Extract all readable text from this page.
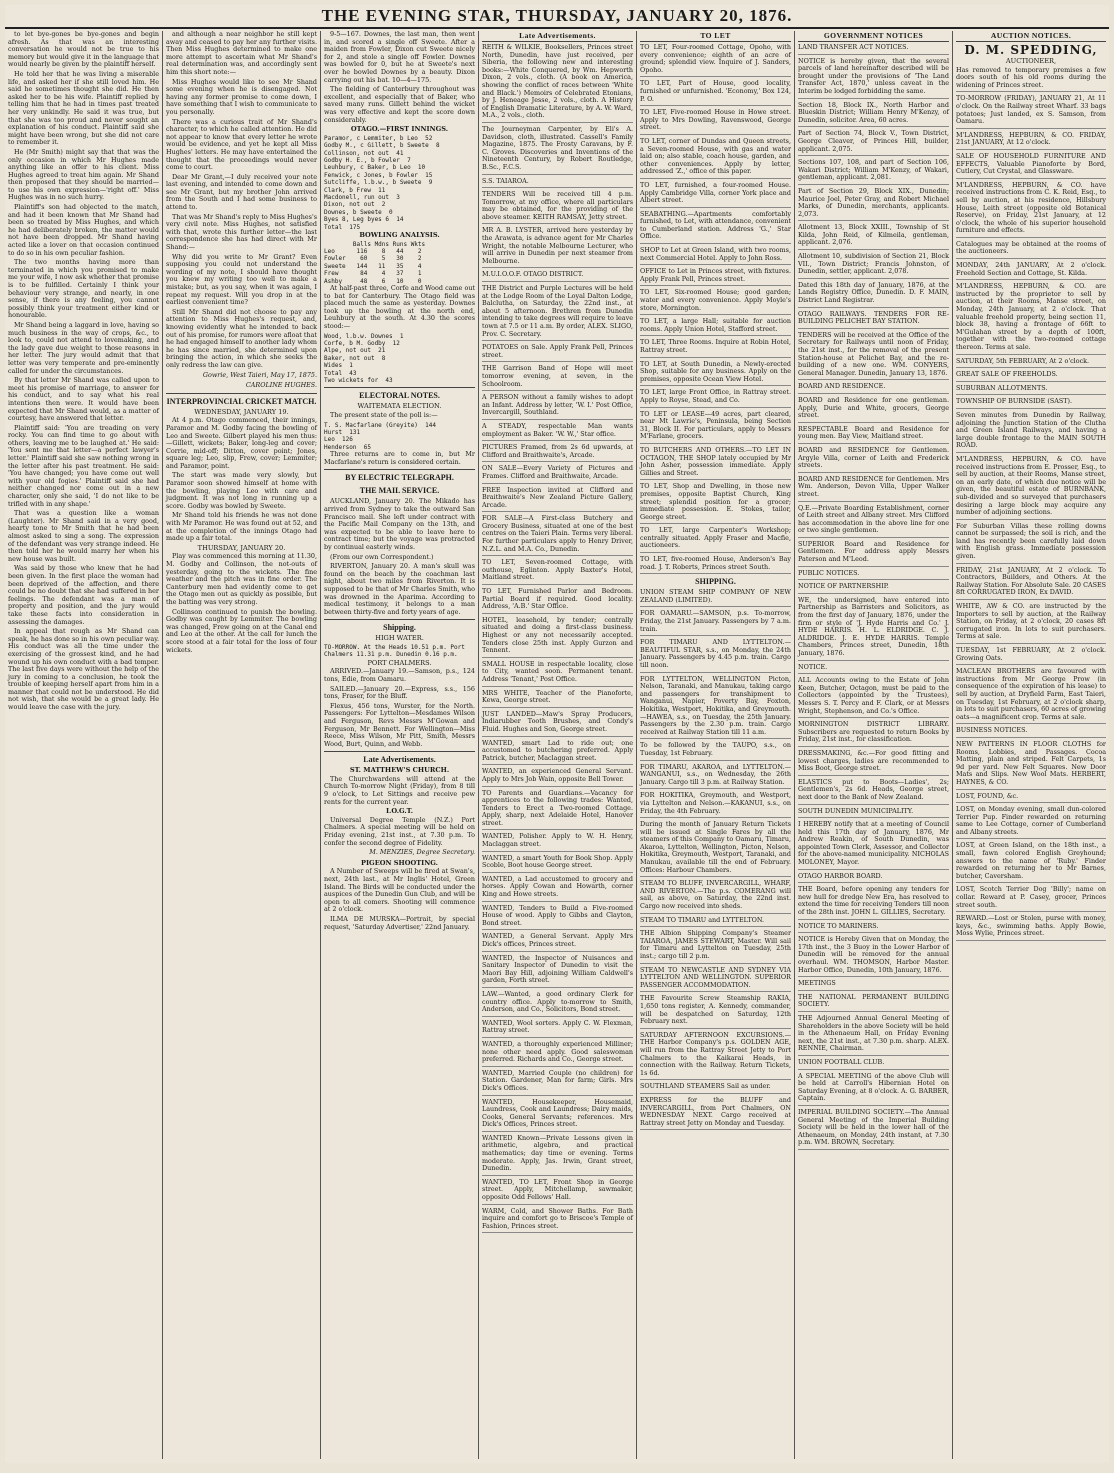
THE EVENING STAR, THURSDAY, JANUARY 20, 1876.
to let bye-gones be bye-gones and begin afresh. As that was an interesting conversation he would not be true to his memory but would give it in the language that would nearly be given by the plaintiff herself.
He told her that he was living a miserable life, and asked her if she still loved him. He said he sometimes thought she did. He then asked her to be his wife. Plaintiff replied by telling him that he had in times past treated her very unkindly. He said it was true, but that she was too proud and never sought an explanation of his conduct. Plaintiff said she might have been wrong, but she did not care to remember it.
He (Mr Smith) might say that that was the only occasion in which Mr Hughes made anything like an offer to his client. Miss Hughes agreed to treat him again. Mr Shand then proposed that they should be married—to use his own expression—'right off.' Miss Hughes was in no such hurry.
Plaintiff's son had objected to the match, and had it been known that Mr Shand had been so treated by Miss Hughes, and which he had deliberately broken, the matter would not have been dropped. Mr Shand having acted like a lover on that occasion continued to do so in his own peculiar fashion.
The two months having more than terminated in which you promised to make me your wife, I now ask whether that promise is to be fulfilled. Certainly I think your behaviour very strange, and nearly, in one sense, if there is any feeling, you cannot possibly think your treatment either kind or honourable.
Mr Shand being a laggard in love, having so much business in the way of crops, &c., to look to, could not attend to lovemaking, and the lady gave due weight to those reasons in her letter. The jury would admit that that letter was very temperate and pre-eminently called for under the circumstances.
By that letter Mr Shand was called upon to meet his promise of marriage, to answer for his conduct, and to say what his real intentions then were. It would have been expected that Mr Shand would, as a matter of courtesy, have answered that letter.
Plaintiff said: 'You are treading on very rocky. You can find time to go about with others, leaving me to be laughed at.' He said: 'You sent me that letter—a perfect lawyer's letter.' Plaintiff said she saw nothing wrong in the letter after his past treatment. He said: 'You have changed; you have come out well with your old fogies.' Plaintiff said she had neither changed nor come out in a new character, only she said, 'I do not like to be trifled with in any shape.'
That was a question like a woman (Laughter). Mr Shand said in a very good, hearty tone to Mr Smith that he had been almost asked to sing a song. The expression of the defendant was very strange indeed. He then told her he would marry her when his new house was built.
Was said by those who knew that he had been given. In the first place the woman had been deprived of the affection, and there could be no doubt that she had suffered in her feelings. The defendant was a man of property and position, and the jury would take these facts into consideration in assessing the damages.
In appeal that rough as Mr Shand can speak, he has done so in his own peculiar way. His conduct was all the time under the exercising of the grossest kind, and he had wound up his own conduct with a bad temper. The last five days were without the help of the jury in coming to a conclusion, he took the trouble of keeping herself apart from him in a manner that could not be understood. He did not wish, that she would be a great lady. He would leave the case with the jury.
and although a near neighbor he still kept away and ceased to pay her any further visits. Then Miss Hughes determined to make one more attempt to ascertain what Mr Shand's real determination was, and accordingly sent him this short note:—
Miss Hughes would like to see Mr Shand some evening when he is disengaged. Not having any former promise to come down, I have something that I wish to communicate to you personally.
There was a curious trait of Mr Shand's character, to which he called attention. He did not appear to know that every letter he wrote would be evidence, and yet he kept all Miss Hughes' letters. He may have entertained the thought that the proceedings would never come to court.
Dear Mr Grant,—I duly received your note last evening, and intended to come down and see Mr Grant, but my brother John arrived from the South and I had some business to attend to.
That was Mr Shand's reply to Miss Hughes's very civil note. Miss Hughes, not satisfied with that, wrote this further letter—the last correspondence she has had direct with Mr Shand:—
Why did you write to Mr Grant? Even supposing you could not understand the wording of my note, I should have thought you knew my writing too well to make a mistake; but, as you say, when it was again, I repeat my request. Will you drop in at the earliest convenient time?
Still Mr Shand did not choose to pay any attention to Miss Hughes's request, and, knowing evidently what he intended to back out of his promise, for rumors were afloat that he had engaged himself to another lady whom he has since married, she determined upon bringing the action, in which she seeks the only redress the law can give.
Gowrie, West Taieri, May 17, 1875.
CAROLINE HUGHES.
INTERPROVINCIAL CRICKET MATCH.
WEDNESDAY, JANUARY 19.
At 4 p.m. Otago commenced, their innings, Paramor and M. Godby facing the bowling of Leo and Sweete. Gilbert played his men thus:—Gillett, wickets; Baker, long-leg and cover; Corrie, mid-off; Ditton, cover point; Jones, square leg; Leo, slip, Frew, cover; Lemmiter; and Paramor, point.
The start was made very slowly, but Paramor soon showed himself at home with the bowling, playing Leo with care and judgment. It was not long in running up a score. Godby was bowled by Sweete.
Mr Shand told his friends he was not done with Mr Paramor. He was found out at 52, and at the completion of the innings Otago had made up a fair total.
THURSDAY, JANUARY 20.
Play was commenced this morning at 11.30, M. Godby and Collinson, the not-outs of yesterday, going to the wickets. The fine weather and the pitch was in fine order. The Canterbury men had evidently come to get the Otago men out as quickly as possible, but the batting was very strong.
Collinson continued to punish the bowling. Godby was caught by Lemmiter. The bowling was changed, Frew going on at the Canal end and Leo at the other. At the call for lunch the score stood at a fair total for the loss of four wickets.
9-5—167. Downes, the last man, then went in, and scored a single off Sweete. After a maiden from Fowler, Dixon cut Sweete nicely for 2, and stole a single off Fowler. Downes was bowled for 0, but he at Sweete's next over he bowled Downes by a beauty. Dixon carrying out his bat. 10—4—175.
The fielding of Canterbury throughout was excellent, and especially that of Baker, who saved many runs. Gillett behind the wicket was very effective and kept the score down considerably.
OTAGO.—FIRST INNINGS.
Paramor, c Lemmiter, b Leo  52
Godby M., c Gillett, b Sweete  8
Collinson, not out  41
Godby H. E., b Fowler  7
Leuhbury, c Baker, b Leo  10
Fenwick, c Jones, b Fowler  15
Sutcliffe, l.b.w., b Sweete  9
Clark, b Frew  11
Macdonell, run out  3
Dixon, not out  2
Downes, b Sweete  0
Byes 8, Leg byes 6  14
Total  175
BOWLING ANALYSIS.
Balls Mdns Runs Wkts
Leo      116    8   44    2
Fowler    60    5   30    2
Sweete   144   11   35    4
Frew      84    4   37    1
Ashby     48    6   10    0
At half-past three, Corfe and Wood came out to bat for Canterbury. The Otago field was placed much the same as yesterday. Downes took up the bowling at the north end, Leuhbury at the south. At 4.30 the scores stood:—
Wood, l.b.w. Downes  1
Corfe, b M. Godby  12
Alpe, not out  21
Baker, not out  8
Wides  1
Total  43
Two wickets for  43
ELECTORAL NOTES.
WAITEMATA ELECTION.

The present state of the poll is:—

T. S. Macfarlane (Greyite)  144
Hurst  131
Leo  126
Henderson  65

Three returns are to come in, but Mr Macfarlane's return is considered certain.

BY ELECTRIC TELEGRAPH.
THE MAIL SERVICE.
AUCKLAND, January 20. The Mikado has arrived from Sydney to take the outward San Francisco mail. She left under contract with the Pacific Mail Company on the 13th, and was expected to be able to leave here to contract time; but the voyage was protracted by continual easterly winds.
(From our own Correspondent.)
RIVERTON, January 20. A man's skull was found on the beach by the coachman last night, about two miles from Riverton. It is supposed to be that of Mr Charles Smith, who was drowned in the Aparima. According to medical testimony, it belongs to a man between thirty-five and forty years of age.
Shipping.
HIGH WATER.
TO-MORROW. At the Heads 10.51 p.m. Port Chalmers 11.31 p.m. Dunedin 0.16 p.m.
PORT CHALMERS.
ARRIVED.—January 19.—Samson, p.s., 124 tons, Edie, from Oamaru.
SAILED.—January 20.—Express, s.s., 156 tons, Fraser, for the Bluff.
Flexus, 456 tons, Wurster, for the North. Passengers: For Lyttelton—Mesdames Wilson and Ferguson, Revs Messrs M'Gowan and Ferguson, Mr Bennett. For Wellington—Miss Reece, Miss Wilson, Mr Pitt, Smith, Messrs Wood, Burt, Quinn, and Webb.
Late Advertisements.
ST. MATTHEW'S CHURCH.

The Churchwardens will attend at the Church To-morrow Night (Friday), from 8 till 9 o'clock, to Let Sittings and receive pew rents for the current year.

I.O.G.T.

Universal Degree Temple (N.Z.) Port Chalmers. A special meeting will be held on Friday evening, 21st inst., at 7.30 p.m. To confer the second degree of Fidelity.

M. MENZIES, Degree Secretary.
PIGEON SHOOTING.

A Number of Sweeps will be fired at Swan's, next, 24th last., at Mr Inglis' Hotel, Green Island. The Birds will be conducted under the auspices of the Dunedin Gun Club, and will be open to all comers. Shooting will commence at 2 o'clock.

ILMA DE MURSKA—Portrait, by special request, 'Saturday Advertiser,' 22nd January.

Late Advertisements.
REITH & WILKIE, Booksellers, Princes street North, Dunedin, have just received, per Siberia, the following new and interesting books:—White Conquered, by Wm. Hepworth Dixon, 2 vols., cloth. (A book on America, showing the conflict of races between 'White and Black.') Memoirs of Celebrated Etonians, by J. Heneage Jesse, 2 vols., cloth. A History of English Dramatic Literature, by A. W. Ward, M.A., 2 vols., cloth.
The Journeyman Carpenter, by Eli's A. Davidson, cloth, illustrated. Cassell's Family Magazine, 1875. The Frosty Caravans, by F. C. Groves. Discoveries and Inventions of the Nineteenth Century, by Robert Routledge, B.Sc., F.C.S.
S.S. TAIAROA.
TENDERS Will be received till 4 p.m. Tomorrow, at my office, where all particulars may be obtained, for the providing of the above steamer. KEITH RAMSAY, Jetty street.
MR A. B. LYSTER, arrived here yesterday by the Arawata, is advance agent for Mr Charles Wright, the notable Melbourne Lecturer, who will arrive in Dunedin per next steamer from Melbourne.
M.U.I.O.O.F. OTAGO DISTRICT.
THE District and Purple Lectures will be held at the Lodge Room of the Loyal Dalton Lodge, Balclutha, on Saturday, the 22nd inst., at about 5 afternoon. Brethren from Dunedin intending to take degrees will require to leave town at 7.5 or 11 a.m. By order, ALEX. SLIGO, Prov. C. Secretary.
POTATOES on Sale. Apply Frank Pell, Princes street.
THE Garrison Band of Hope will meet tomorrow evening, at seven, in the Schoolroom.
A PERSON without a family wishes to adopt an Infant. Address by letter, 'W. I.' Post Office, Invercargill, Southland.
A STEADY, respectable Man wants employment as Baker. 'W. W.,' Star office.
PICTURES Framed, from 2s 6d upwards, at Clifford and Braithwaite's, Arcade.
ON SALE—Every Variety of Pictures and Frames. Clifford and Braithwaite, Arcade.
FREE Inspection invited at Clifford and Braithwaite's New Zealand Picture Gallery, Arcade.
FOR SALE—A First-class Butchery and Grocery Business, situated at one of the best centres on the Taieri Plain. Terms very liberal. For further particulars apply to Henry Driver, N.Z.L. and M.A. Co., Dunedin.
TO LET, Seven-roomed Cottage, with outhouse, Eglinton. Apply Baxter's Hotel, Maitland street.
TO LET, Furnished Parlor and Bedroom. Partial Board if required. Good locality. Address, 'A.B.' Star Office.
HOTEL, leasehold, by tender; centrally situated and doing a first-class business. Highest or any not necessarily accepted. Tenders close 25th inst. Apply Gurzon and Tennent.
SMALL HOUSE in respectable locality, close to City, wanted soon. Permanent tenant. Address 'Tenant,' Post Office.
MRS WHITE, Teacher of the Pianoforte, Kewa, George street.
JUST LANDED—Maw's Spray Producers, Indiarubber Tooth Brushes, and Condy's Fluid. Hughes and Son, George street.
WANTED, smart Lad to ride out; one accustomed to butchering preferred. Apply Patrick, butcher, Maclaggan street.
WANTED, an experienced General Servant. Apply to Mrs Job Wain, opposite Bell Tower.
TO Parents and Guardians.—Vacancy for apprentices to the following trades: Wanted, Tenders to Erect a Two-roomed Cottage. Apply, sharp, next Adelaide Hotel, Hanover street.
WANTED, Polisher. Apply to W. H. Henry, Maclaggan street.
WANTED, a smart Youth for Book Shop. Apply Scoble, Boot house George street.
WANTED, a Lad accustomed to grocery and horses. Apply Cowan and Howarth, corner King and Howe streets.
WANTED, Tenders to Build a Five-roomed House of wood. Apply to Gibbs and Clayton, Bond street.
WANTED, a General Servant. Apply Mrs Dick's offices, Princes street.
WANTED, the Inspector of Nuisances and Sanitary Inspector of Dunedin to visit the Maori Bay Hill, adjoining William Caldwell's garden, Forth street.
LAW.—Wanted, a good ordinary Clerk for country office. Apply to-morrow to Smith, Anderson, and Co., Solicitors, Bond street.
WANTED, Wool sorters. Apply C. W. Flexman, Rattray street.
WANTED, a thoroughly experienced Milliner; none other need apply. Good saleswoman preferred. Richards and Co., George street.
WANTED, Married Couple (no children) for Station. Gardener, Man for farm; Girls. Mrs Dick's Offices.
WANTED, Housekeeper, Housemaid, Laundress, Cook and Laundress; Dairy maids, Cooks, General Servants; references. Mrs Dick's Offices, Princes street.
WANTED Known—Private Lessons given in arithmetic, algebra, and practical mathematics; day time or evening. Terms moderate. Apply, Jas. Irwin, Grant street, Dunedin.
WANTED, TO LET, Front Shop in George street. Apply, Mitchellamp, sawmaker, opposite Odd Fellows' Hall.
WARM, Cold, and Shower Baths. For Bath inquire and comfort go to Briscoe's Temple of Fashion, Princes street.
TO LET
TO LET, Four-roomed Cottage, Opoho, with every convenience; eighth of an acre of ground; splendid view. Inquire of J. Sanders, Opoho.
TO LET, Part of House, good locality, furnished or unfurnished. 'Economy,' Box 124, P. O.
TO LET, Five-roomed House in Howe street. Apply to Mrs Dowling, Ravenswood, George street.
TO LET, corner of Dundas and Queen streets, a Seven-roomed House, with gas and water laid on; also stable, coach house, garden, and other conveniences. Apply by letter, addressed 'Z.,' office of this paper.
TO LET, furnished, a four-roomed House. Apply Cambridge Villa, corner York place and Albert street.
SEABATHING.—Apartments comfortably furnished, to Let, with attendance, convenient to Cumberland station. Address 'G.,' Star Office.
SHOP to Let at Green Island, with two rooms, next Commercial Hotel. Apply to John Ross.
OFFICE to Let in Princes street, with fixtures. Apply Frank Pell, Princes street.
TO LET, Six-roomed House; good garden; water and every convenience. Apply Moyle's store, Mornington.
TO LET, a large Hall; suitable for auction rooms. Apply Union Hotel, Stafford street.
TO LET, Three Rooms. Inquire at Robin Hotel, Rattray street.
TO LET, at South Dunedin, a Newly-erected Shop, suitable for any business. Apply on the premises, opposite Ocean View Hotel.
TO LET, large Front Office, in Rattray street. Apply to Royse, Stead, and Co.
TO LET or LEASE—49 acres, part cleared, near Mt Lawrie's, Peninsula, being Section 31, Block II. For particulars, apply to Messrs M'Farlane, grocers.
TO BUTCHERS AND OTHERS.—TO LET IN OCTAGON, THE SHOP lately occupied by Mr John Asher, possession immediate. Apply Gillies and Street.
TO LET, Shop and Dwelling, in those new premises, opposite Baptist Church, King street; splendid position for a grocer; immediate possession. E. Stokes, tailor, George street.
TO LET, large Carpenter's Workshop; centrally situated. Apply Fraser and Macfie, auctioneers.
TO LET, five-roomed House, Anderson's Bay road. J. T. Roberts, Princes street South.
SHIPPING.
UNION STEAM SHIP COMPANY OF NEW ZEALAND (LIMITED).
FOR OAMARU.—SAMSON, p.s. To-morrow, Friday, the 21st January. Passengers by 7 a.m. train.
FOR TIMARU AND LYTTELTON.—BEAUTIFUL STAR, s.s., on Monday, the 24th January. Passengers by 4.45 p.m. train. Cargo till noon.
FOR LYTTELTON, WELLINGTON Picton, Nelson, Taranaki, and Manukau, taking cargo and passengers for transhipment to Wanganui, Napier, Poverty Bay, Foxton, Hokitika, Westport, Hokitika, and Greymouth.—HAWEA, s.s., on Tuesday, the 25th January. Passengers by the 2.30 p.m. train. Cargo received at Railway Station till 11 a.m.
To be followed by the TAUPO, s.s., on Tuesday, 1st February.
FOR TIMARU, AKAROA, and LYTTELTON.—WANGANUI, s.s., on Wednesday, the 26th January. Cargo till 3 p.m. at Railway Station.
FOR HOKITIKA, Greymouth, and Westport, via Lyttelton and Nelson.—KAKANUI, s.s., on Friday, the 4th February.
During the month of January Return Tickets will be issued at Single Fares by all the steamers of this Company to Oamaru, Timaru, Akaroa, Lyttelton, Wellington, Picton, Nelson, Hokitika, Greymouth, Westport, Taranaki, and Manukau, available till the end of February. Offices: Harbour Chambers.
STEAM TO BLUFF, INVERCARGILL, WHARF, AND RIVERTON.—The p.s. COMERANG will sail, as above, on Saturday, the 22nd inst. Cargo now received into sheds.
STEAM TO TIMARU and LYTTELTON.
THE Albion Shipping Company's Steamer TAIAROA, JAMES STEWART, Master. Will sail for Timaru and Lyttelton on Tuesday, 25th inst.; cargo till 2 p.m.
STEAM TO NEWCASTLE AND SYDNEY VIA LYTTELTON AND WELLINGTON. SUPERIOR PASSENGER ACCOMMODATION.
THE Favourite Screw Steamship RAKIA, 1,650 tons register, A. Kennedy, commander, will be despatched on Saturday, 12th February next.
SATURDAY AFTERNOON EXCURSIONS.—THE Harbor Company's p.s. GOLDEN AGE, will run from the Rattray Street Jetty to Port Chalmers to the Kaikarai Heads, in connection with the Railway. Return Tickets, 1s 6d.
SOUTHLAND STEAMERS Sail as under.
EXPRESS for the BLUFF and INVERCARGILL, from Port Chalmers, ON WEDNESDAY NEXT. Cargo received at Rattray street Jetty on Monday and Tuesday.
GOVERNMENT NOTICES
LAND TRANSFER ACT NOTICES.
NOTICE is hereby given, that the several parcels of land hereinafter described will be brought under the provisions of 'The Land Transfer Act, 1870,' unless caveat in the Interim be lodged forbidding the same.
Section 18, Block IX., North Harbor and Blueskin District; William Henry M'Kenzy, of Dunedin, solicitor. Area, 60 acres.
Part of Section 74, Block V., Town District, George Cleaver, of Princes Hill, builder, applicant. 2,075.
Sections 107, 108, and part of Section 106, Wakari District; William M'Kenzy, of Wakari, gentleman, applicant. 2,081.
Part of Section 29, Block XIX., Dunedin; Maurice Joel, Peter Gray, and Robert Michael Marks, of Dunedin, merchants, applicants. 2,073.
Allotment 13, Block XXIII., Township of St Kilda, John Reid, of Kilmeila, gentleman, applicant. 2,076.
Allotment 10, subdivision of Section 21, Block VII., Town District; Francis Johnston, of Dunedin, settler, applicant. 2,078.
Dated this 18th day of January, 1876, at the Lands Registry Office, Dunedin. D. F. MAIN, District Land Registrar.
OTAGO RAILWAYS. TENDERS FOR RE-BUILDING PELICHET BAY STATION.
TENDERS will be received at the Office of the Secretary for Railways until noon of Friday, the 21st inst., for the removal of the present Station-house at Pelichet Bay, and the re-building of a new one. WM. CONYERS, General Manager. Dunedin, January 13, 1876.
BOARD AND RESIDENCE.
BOARD and Residence for one gentleman. Apply, Durie and White, grocers, George street.
RESPECTABLE Board and Residence for young men. Bay View, Maitland street.
BOARD and RESIDENCE for Gentlemen. Argyle Villa, corner of Leith and Frederick streets.
BOARD AND RESIDENCE for Gentlemen. Mrs Wm. Anderson, Devon Villa, Upper Walker street.
Q.E.—Private Boarding Establishment, corner of Leith street and Albany street. Mrs Clifford has accommodation in the above line for one or two single gentlemen.
SUPERIOR Board and Residence for Gentlemen. For address apply Messrs Paterson and M'Leod.
PUBLIC NOTICES.
NOTICE OF PARTNERSHIP.
WE, the undersigned, have entered into Partnership as Barristers and Solicitors, as from the first day of January, 1876, under the firm or style of 'J. Hyde Harris and Co.' J. HYDE HARRIS. H. L. ELDRIDGE. C. J. ALDRIDGE. J. E. HYDE HARRIS. Temple Chambers, Princes street, Dunedin, 18th January, 1876.
NOTICE.
ALL Accounts owing to the Estate of John Keen, Butcher, Octagon, must be paid to the Collectors (appointed by the Trustees), Messrs S. T. Percy and F. Clark, or at Messrs Wright, Stephenson, and Co.'s Office.
MORNINGTON DISTRICT LIBRARY. Subscribers are requested to return Books by Friday, 21st inst., for classification.
DRESSMAKING, &c.—For good fitting and lowest charges, ladies are recommended to Miss Boot, George street.
ELASTICS put to Boots—Ladies', 2s; Gentlemen's, 2s 6d. Heads, George street, next door to the Bank of New Zealand.
SOUTH DUNEDIN MUNICIPALITY.
I HEREBY notify that at a meeting of Council held this 17th day of January, 1876, Mr Andrew Reakin, of South Dunedin, was appointed Town Clerk, Assessor, and Collector for the above-named municipality. NICHOLAS MOLONEY, Mayor.
OTAGO HARBOR BOARD.
THE Board, before opening any tenders for new hull for dredge New Era, has resolved to extend the time for receiving Tenders till noon of the 28th inst. JOHN L. GILLIES, Secretary.
NOTICE TO MARINERS.
NOTICE is Hereby Given that on Monday, the 17th inst., the 3 Buoy in the Lower Harbor of Dunedin will be removed for the annual overhaul. WM. THOMSON, Harbor Master. Harbor Office, Dunedin, 10th January, 1876.
MEETINGS
THE NATIONAL PERMANENT BUILDING SOCIETY.
THE Adjourned Annual General Meeting of Shareholders in the above Society will be held in the Athenaeum Hall, on Friday Evening next, the 21st inst., at 7.30 p.m. sharp. ALEX. RENNIE, Chairman.
UNION FOOTBALL CLUB.
A SPECIAL MEETING of the above Club will be held at Carroll's Hibernian Hotel on Saturday Evening, at 8 o'clock. A. G. BARBER, Captain.
IMPERIAL BUILDING SOCIETY.—The Annual General Meeting of the Imperial Building Society will be held in the lower hall of the Athenaeum, on Monday, 24th instant, at 7.30 p.m. WM. BROWN, Secretary.
AUCTION NOTICES.
D. M. SPEDDING,
AUCTIONEER,
Has removed to temporary premises a few doors south of his old rooms during the widening of Princes street.
TO-MORROW (FRIDAY), JANUARY 21, At 11 o'clock. On the Railway street Wharf. 33 bags potatoes; Just landed, ex S. Samson, from Oamaru.
M'LANDRESS, HEPBURN, & CO. FRIDAY, 21st JANUARY, At 12 o'clock.
SALE OF HOUSEHOLD FURNITURE AND EFFECTS, Valuable Pianoforte by Bord, Cutlery, Cut Crystal, and Glassware.
M'LANDRESS, HEPBURN, & CO. have received instructions from C. K. Reid, Esq., to sell by auction, at his residence, Hillsbury House, Leith street (opposite old Botanical Reserve), on Friday, 21st January, at 12 o'clock, the whole of his superior household furniture and effects.
Catalogues may be obtained at the rooms of the auctioneers.
MONDAY, 24th JANUARY, At 2 o'clock. Freehold Section and Cottage, St. Kilda.
M'LANDRESS, HEPBURN, & CO. are instructed by the proprietor to sell by auction, at their Rooms, Manse street, on Monday, 24th January, at 2 o'clock. That valuable freehold property, being section 11, block 38, having a frontage of 66ft to M'Gulahan street by a depth of 100ft, together with the two-roomed cottage thereon. Terms at sale.
SATURDAY, 5th FEBRUARY, At 2 o'clock.
GREAT SALE OF FREEHOLDS.
SUBURBAN ALLOTMENTS.
TOWNSHIP OF BURNSIDE (SAST).
Seven minutes from Dunedin by Railway, adjoining the Junction Station of the Clutha and Green Island Railways, and having a large double frontage to the MAIN SOUTH ROAD.
M'LANDRESS, HEPBURN, & CO. have received instructions from E. Prosser, Esq., to sell by auction, at their Rooms, Manse street, on an early date, of which due notice will be given, the beautiful estate of BURNBANK, sub-divided and so surveyed that purchasers desiring a large block may acquire any number of adjoining sections.
For Suburban Villas these rolling downs cannot be surpassed; the soil is rich, and the land has recently been carefully laid down with English grass. Immediate possession given.
FRIDAY, 21st JANUARY, At 2 o'clock. To Contractors, Builders, and Others. At the Railway Station. For Absolute Sale. 20 CASES 8ft CORRUGATED IRON, Ex DAVID.
WHITE, AW & CO. are instructed by the Importers to sell by auction, at the Railway Station, on Friday, at 2 o'clock, 20 cases 8ft corrugated iron. In lots to suit purchasers. Terms at sale.
TUESDAY, 1st FEBRUARY, At 2 o'clock. Growing Oats.
MACLEAN BROTHERS are favoured with instructions from Mr George Prow (in consequence of the expiration of his lease) to sell by auction, at Dryfield Farm, East Taieri, on Tuesday, 1st February, at 2 o'clock sharp, in lots to suit purchasers, 60 acres of growing oats—a magnificent crop. Terms at sale.
BUSINESS NOTICES.
NEW PATTERNS IN FLOOR CLOTHS for Rooms, Lobbies, and Passages. Cocoa Matting, plain and striped. Felt Carpets, 1s 9d per yard. New Felt Squares. New Door Mats and Slips. New Wool Mats. HERBERT, HAYNES, & CO.
LOST, FOUND, &c.
LOST, on Monday evening, small dun-colored Terrier Pup. Finder rewarded on returning same to Lee Cottage, corner of Cumberland and Albany streets.
LOST, at Green Island, on the 18th inst., a small, fawn colored English Greyhound; answers to the name of 'Ruby.' Finder rewarded on returning her to Mr Barnes, butcher, Caversham.
LOST, Scotch Terrier Dog 'Billy'; name on collar. Reward at P. Casey, grocer, Princes street south.
REWARD.—Lost or Stolen, purse with money, keys, &c., swimming baths. Apply Bowie, Moss Wylie, Princes street.
